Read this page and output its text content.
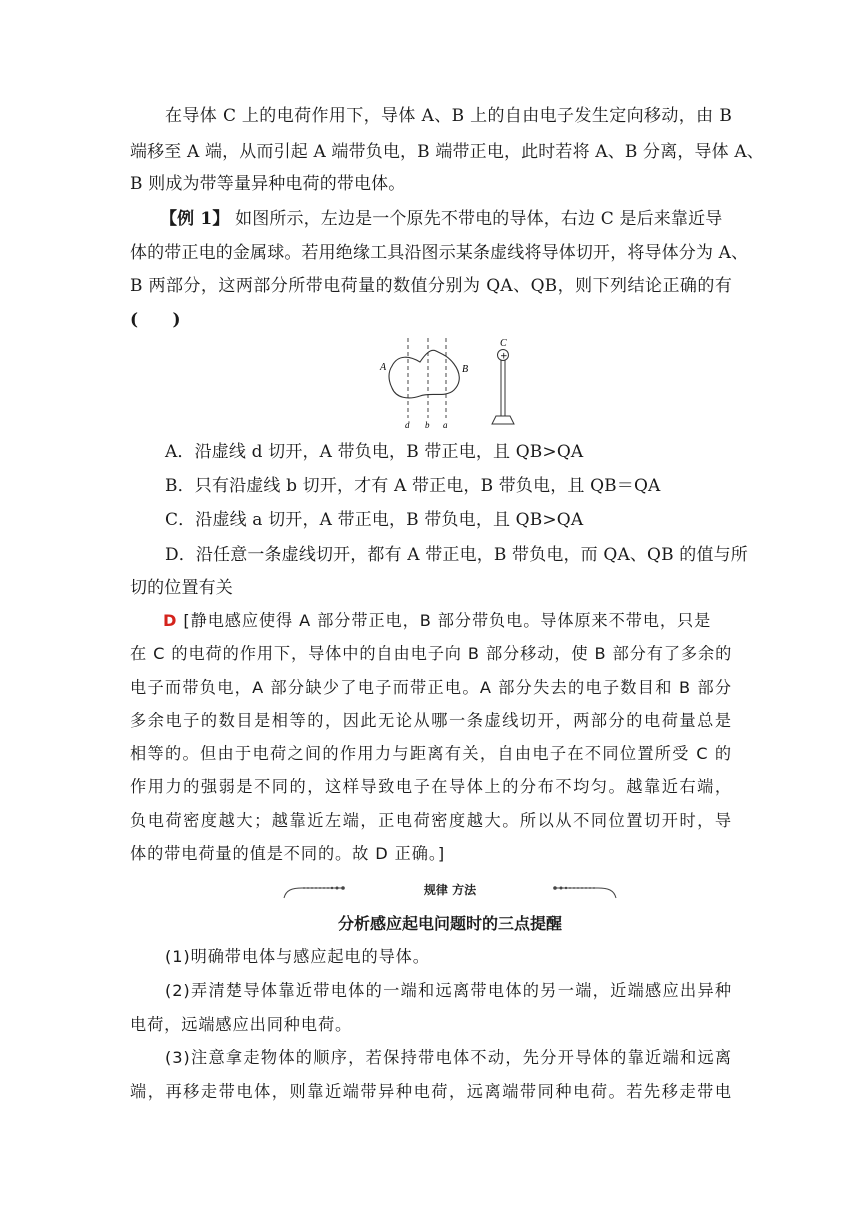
在导体 C 上的电荷作用下，导体 A、B 上的自由电子发生定向移动，由 B
端移至 A 端，从而引起 A 端带负电，B 端带正电，此时若将 A、B 分离，导体 A、
B 则成为带等量异种电荷的带电体。
【例 1】 如图所示，左边是一个原先不带电的导体，右边 C 是后来靠近导
体的带正电的金属球。若用绝缘工具沿图示某条虚线将导体切开，将导体分为 A、
B 两部分，这两部分所带电荷量的数值分别为 QA、QB，则下列结论正确的有
(　　)
A	B
d b a
C
+
A．沿虚线 d 切开，A 带负电，B 带正电，且 QB>QA
B．只有沿虚线 b 切开，才有 A 带正电，B 带负电，且 QB＝QA
C．沿虚线 a 切开，A 带正电，B 带负电，且 QB>QA
D．沿任意一条虚线切开，都有 A 带正电，B 带负电，而 QA、QB 的值与所
切的位置有关
D [静电感应使得 A 部分带正电，B 部分带负电。导体原来不带电，只是
在 C 的电荷的作用下，导体中的自由电子向 B 部分移动，使 B 部分有了多余的
电子而带负电，A 部分缺少了电子而带正电。A 部分失去的电子数目和 B 部分
多余电子的数目是相等的，因此无论从哪一条虚线切开，两部分的电荷量总是
相等的。但由于电荷之间的作用力与距离有关，自由电子在不同位置所受 C 的
作用力的强弱是不同的，这样导致电子在导体上的分布不均匀。越靠近右端，
负电荷密度越大；越靠近左端，正电荷密度越大。所以从不同位置切开时，导
体的带电荷量的值是不同的。故 D 正确。]
规律 方法
分析感应起电问题时的三点提醒
(1)明确带电体与感应起电的导体。
(2)弄清楚导体靠近带电体的一端和远离带电体的另一端，近端感应出异种
电荷，远端感应出同种电荷。
(3)注意拿走物体的顺序，若保持带电体不动，先分开导体的靠近端和远离
端，再移走带电体，则靠近端带异种电荷，远离端带同种电荷。若先移走带电
